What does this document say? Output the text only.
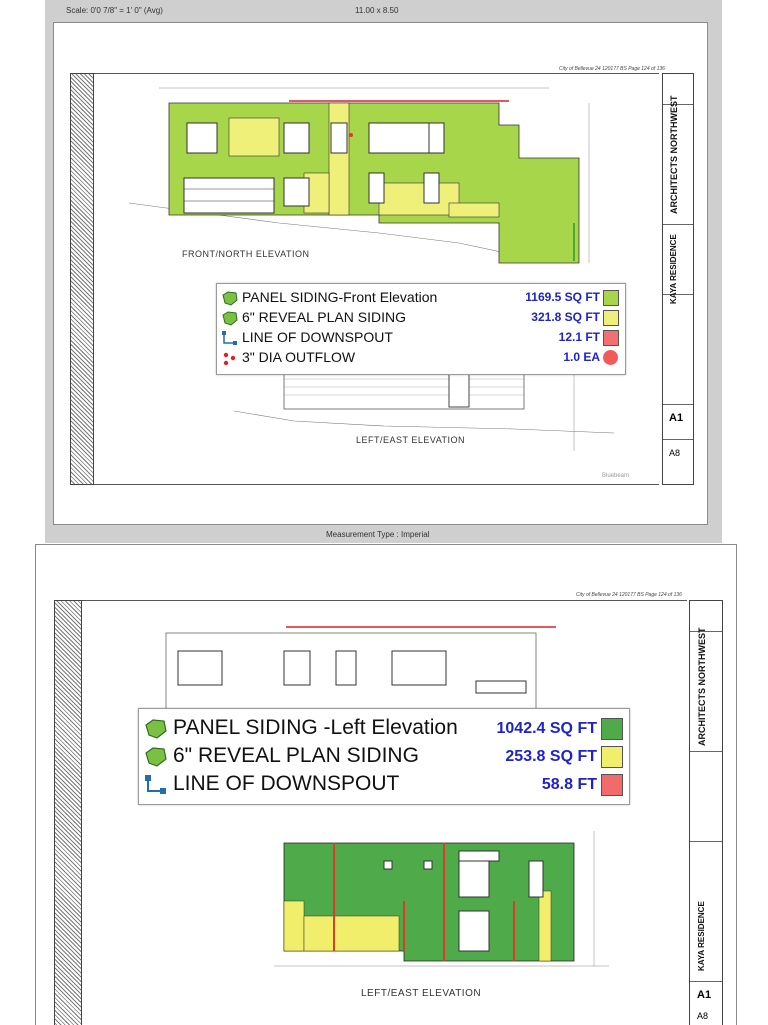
Scale: 0'0 7/8" = 1' 0" (Avg)	11.00 x 8.50
City of Bellevue 24 120177 BS Page 124 of 136
ARCHITECTS NORTHWEST
KAYA RESIDENCE
A1
A8
FRONT/NORTH ELEVATION
LEFT/EAST ELEVATION
Bluebeam
PANEL SIDING-Front Elevation	1169.5 SQ FT
6" REVEAL PLAN SIDING	321.8 SQ FT
LINE OF DOWNSPOUT	12.1 FT
3" DIA OUTFLOW	1.0 EA
Measurement Type : Imperial
City of Bellevue 24 120177 BS Page 124 of 136
ARCHITECTS NORTHWEST
KAYA RESIDENCE
A1
A8
LEFT/EAST ELEVATION
PANEL SIDING -Left Elevation	1042.4 SQ FT
6" REVEAL PLAN SIDING	253.8 SQ FT
LINE OF DOWNSPOUT	58.8 FT
